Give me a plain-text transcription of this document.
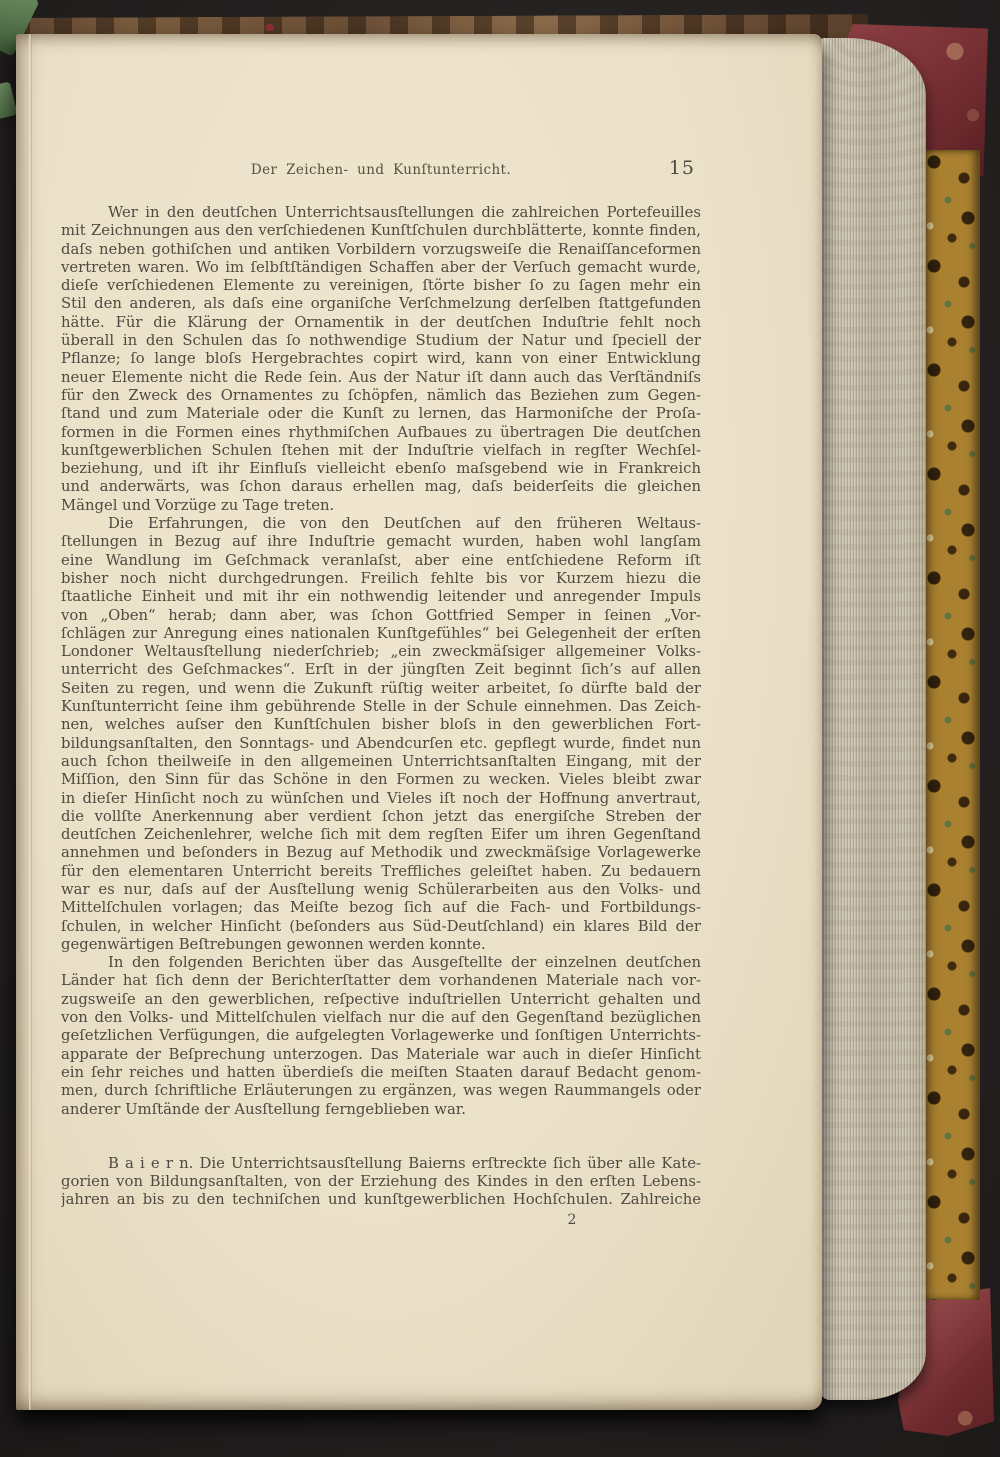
Der Zeichen- und Kunſtunterricht.	15
Wer in den deutſchen Unterrichtsausſtellungen die zahlreichen Portefeuilles
mit Zeichnungen aus den verſchiedenen Kunſtſchulen durchblätterte, konnte finden,
daſs neben gothiſchen und antiken Vorbildern vorzugsweiſe die Renaiſſanceformen
vertreten waren. Wo im ſelbſtſtändigen Schaffen aber der Verſuch gemacht wurde,
dieſe verſchiedenen Elemente zu vereinigen, ſtörte bisher ſo zu ſagen mehr ein
Stil den anderen, als daſs eine organiſche Verſchmelzung derſelben ſtattgefunden
hätte. Für die Klärung der Ornamentik in der deutſchen Induſtrie fehlt noch
überall in den Schulen das ſo nothwendige Studium der Natur und ſpeciell der
Pflanze; ſo lange bloſs Hergebrachtes copirt wird, kann von einer Entwicklung
neuer Elemente nicht die Rede ſein. Aus der Natur iſt dann auch das Verſtändniſs
für den Zweck des Ornamentes zu ſchöpfen, nämlich das Beziehen zum Gegen-
ſtand und zum Materiale oder die Kunſt zu lernen, das Harmoniſche der Proſa-
formen in die Formen eines rhythmiſchen Aufbaues zu übertragen Die deutſchen
kunſtgewerblichen Schulen ſtehen mit der Induſtrie vielfach in regſter Wechſel-
beziehung, und iſt ihr Einfluſs vielleicht ebenſo maſsgebend wie in Frankreich
und anderwärts, was ſchon daraus erhellen mag, daſs beiderſeits die gleichen
Mängel und Vorzüge zu Tage treten.
Die Erfahrungen, die von den Deutſchen auf den früheren Weltaus-
ſtellungen in Bezug auf ihre Induſtrie gemacht wurden, haben wohl langſam
eine Wandlung im Geſchmack veranlaſst, aber eine entſchiedene Reform iſt
bisher noch nicht durchgedrungen. Freilich fehlte bis vor Kurzem hiezu die
ſtaatliche Einheit und mit ihr ein nothwendig leitender und anregender Impuls
von „Oben“ herab; dann aber, was ſchon Gottfried Semper in ſeinen „Vor-
ſchlägen zur Anregung eines nationalen Kunſtgefühles“ bei Gelegenheit der erſten
Londoner Weltausſtellung niederſchrieb; „ein zweckmäſsiger allgemeiner Volks-
unterricht des Geſchmackes“. Erſt in der jüngſten Zeit beginnt ſich’s auf allen
Seiten zu regen, und wenn die Zukunft rüſtig weiter arbeitet, ſo dürfte bald der
Kunſtunterricht ſeine ihm gebührende Stelle in der Schule einnehmen. Das Zeich-
nen, welches auſser den Kunſtſchulen bisher bloſs in den gewerblichen Fort-
bildungsanſtalten, den Sonntags- und Abendcurſen etc. gepflegt wurde, findet nun
auch ſchon theilweiſe in den allgemeinen Unterrichtsanſtalten Eingang, mit der
Miſſion, den Sinn für das Schöne in den Formen zu wecken. Vieles bleibt zwar
in dieſer Hinſicht noch zu wünſchen und Vieles iſt noch der Hoffnung anvertraut,
die vollſte Anerkennung aber verdient ſchon jetzt das energiſche Streben der
deutſchen Zeichenlehrer, welche ſich mit dem regſten Eifer um ihren Gegenſtand
annehmen und beſonders in Bezug auf Methodik und zweckmäſsige Vorlagewerke
für den elementaren Unterricht bereits Treffliches geleiſtet haben. Zu bedauern
war es nur, daſs auf der Ausſtellung wenig Schülerarbeiten aus den Volks- und
Mittelſchulen vorlagen; das Meiſte bezog ſich auf die Fach- und Fortbildungs-
ſchulen, in welcher Hinſicht (beſonders aus Süd-Deutſchland) ein klares Bild der
gegenwärtigen Beſtrebungen gewonnen werden konnte.
In den folgenden Berichten über das Ausgeſtellte der einzelnen deutſchen
Länder hat ſich denn der Berichterſtatter dem vorhandenen Materiale nach vor-
zugsweiſe an den gewerblichen, reſpective induſtriellen Unterricht gehalten und
von den Volks- und Mittelſchulen vielfach nur die auf den Gegenſtand bezüglichen
geſetzlichen Verfügungen, die aufgelegten Vorlagewerke und ſonſtigen Unterrichts-
apparate der Beſprechung unterzogen. Das Materiale war auch in dieſer Hinſicht
ein ſehr reiches und hatten überdieſs die meiſten Staaten darauf Bedacht genom-
men, durch ſchriftliche Erläuterungen zu ergänzen, was wegen Raummangels oder
anderer Umſtände der Ausſtellung ferngeblieben war.
B a i e r n. Die Unterrichtsausſtellung Baierns erſtreckte ſich über alle Kate-
gorien von Bildungsanſtalten, von der Erziehung des Kindes in den erſten Lebens-
jahren an bis zu den techniſchen und kunſtgewerblichen Hochſchulen. Zahlreiche
2
